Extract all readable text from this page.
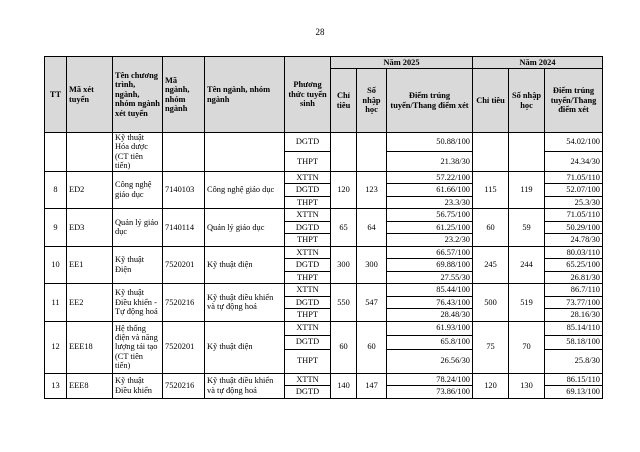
28
TT	Mã xét tuyển	Tên chương trình, ngành, nhóm ngành xét tuyển	Mã ngành, nhóm ngành	Tên ngành, nhóm ngành	Phương thức tuyển sinh	Năm 2025			Năm 2024		
						Chỉ tiêu	Số nhập học	Điểm trúng tuyển/Thang điểm xét	Chỉ tiêu	Số nhập học	Điểm trúng tuyển/Thang điểm xét
		Kỹ thuật Hóa dược (CT tiên tiến)			DGTD			50.88/100			54.02/100
					THPT			21.38/30			24.34/30
8	ED2	Công nghệ giáo dục	7140103	Công nghệ giáo dục	XTTN	120	123	57.22/100	115	119	71.05/110
					DGTD			61.66/100			52.07/100
					THPT			23.3/30			25.3/30
9	ED3	Quản lý giáo dục	7140114	Quản lý giáo dục	XTTN	65	64	56.75/100	60	59	71.05/110
					DGTD			61.25/100			50.29/100
					THPT			23.2/30			24.78/30
10	EE1	Kỹ thuật Điện	7520201	Kỹ thuật điện	XTTN	300	300	66.57/100	245	244	80.03/110
					DGTD			69.88/100			65.25/100
					THPT			27.55/30			26.81/30
11	EE2	Kỹ thuật Điều khiển - Tự động hoá	7520216	Kỹ thuật điều khiển và tự động hoá	XTTN	550	547	85.44/100	500	519	86.7/110
					DGTD			76.43/100			73.77/100
					THPT			28.48/30			28.16/30
12	EEE18	Hệ thống điện và năng lượng tái tạo (CT tiên tiến)	7520201	Kỹ thuật điện	XTTN	60	60	61.93/100	75	70	85.14/110
					DGTD			65.8/100			58.18/100
					THPT			26.56/30			25.8/30
13	EEE8	Kỹ thuật Điều khiển	7520216	Kỹ thuật điều khiển và tự động hoá	XTTN	140	147	78.24/100	120	130	86.15/110
					DGTD			73.86/100			69.13/100
